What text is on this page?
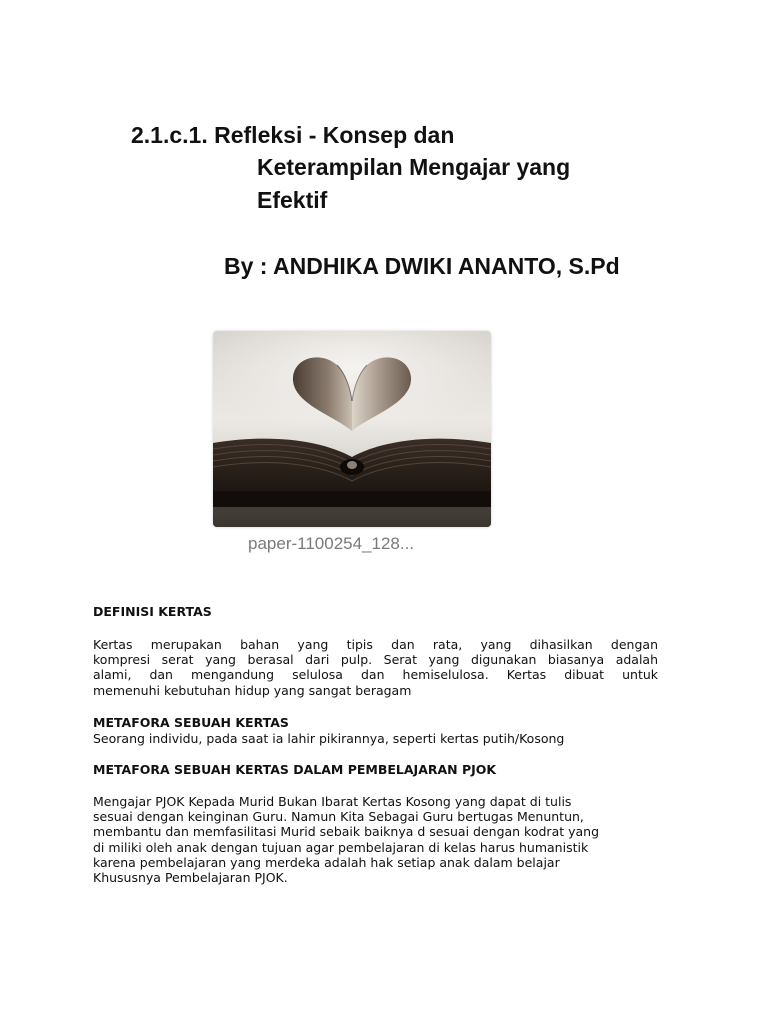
2.1.c.1. Refleksi - Konsep dan
Keterampilan Mengajar yang
Efektif
By : ANDHIKA DWIKI ANANTO, S.Pd
paper-1100254_128...
DEFINISI KERTAS
Kertas merupakan bahan yang tipis dan rata, yang dihasilkan dengan
kompresi serat yang berasal dari pulp. Serat yang digunakan biasanya adalah
alami, dan mengandung selulosa dan hemiselulosa. Kertas dibuat untuk
memenuhi kebutuhan hidup yang sangat beragam
METAFORA SEBUAH KERTAS
Seorang individu, pada saat ia lahir pikirannya, seperti kertas putih/Kosong
METAFORA SEBUAH KERTAS DALAM PEMBELAJARAN PJOK
Mengajar PJOK Kepada Murid Bukan Ibarat Kertas Kosong yang dapat di tulis
sesuai dengan keinginan Guru. Namun Kita Sebagai Guru bertugas Menuntun,
membantu dan memfasilitasi Murid sebaik baiknya d sesuai dengan kodrat yang
di miliki oleh anak dengan tujuan agar pembelajaran di kelas harus humanistik
karena pembelajaran yang merdeka adalah hak setiap anak dalam belajar
Khususnya Pembelajaran PJOK.
